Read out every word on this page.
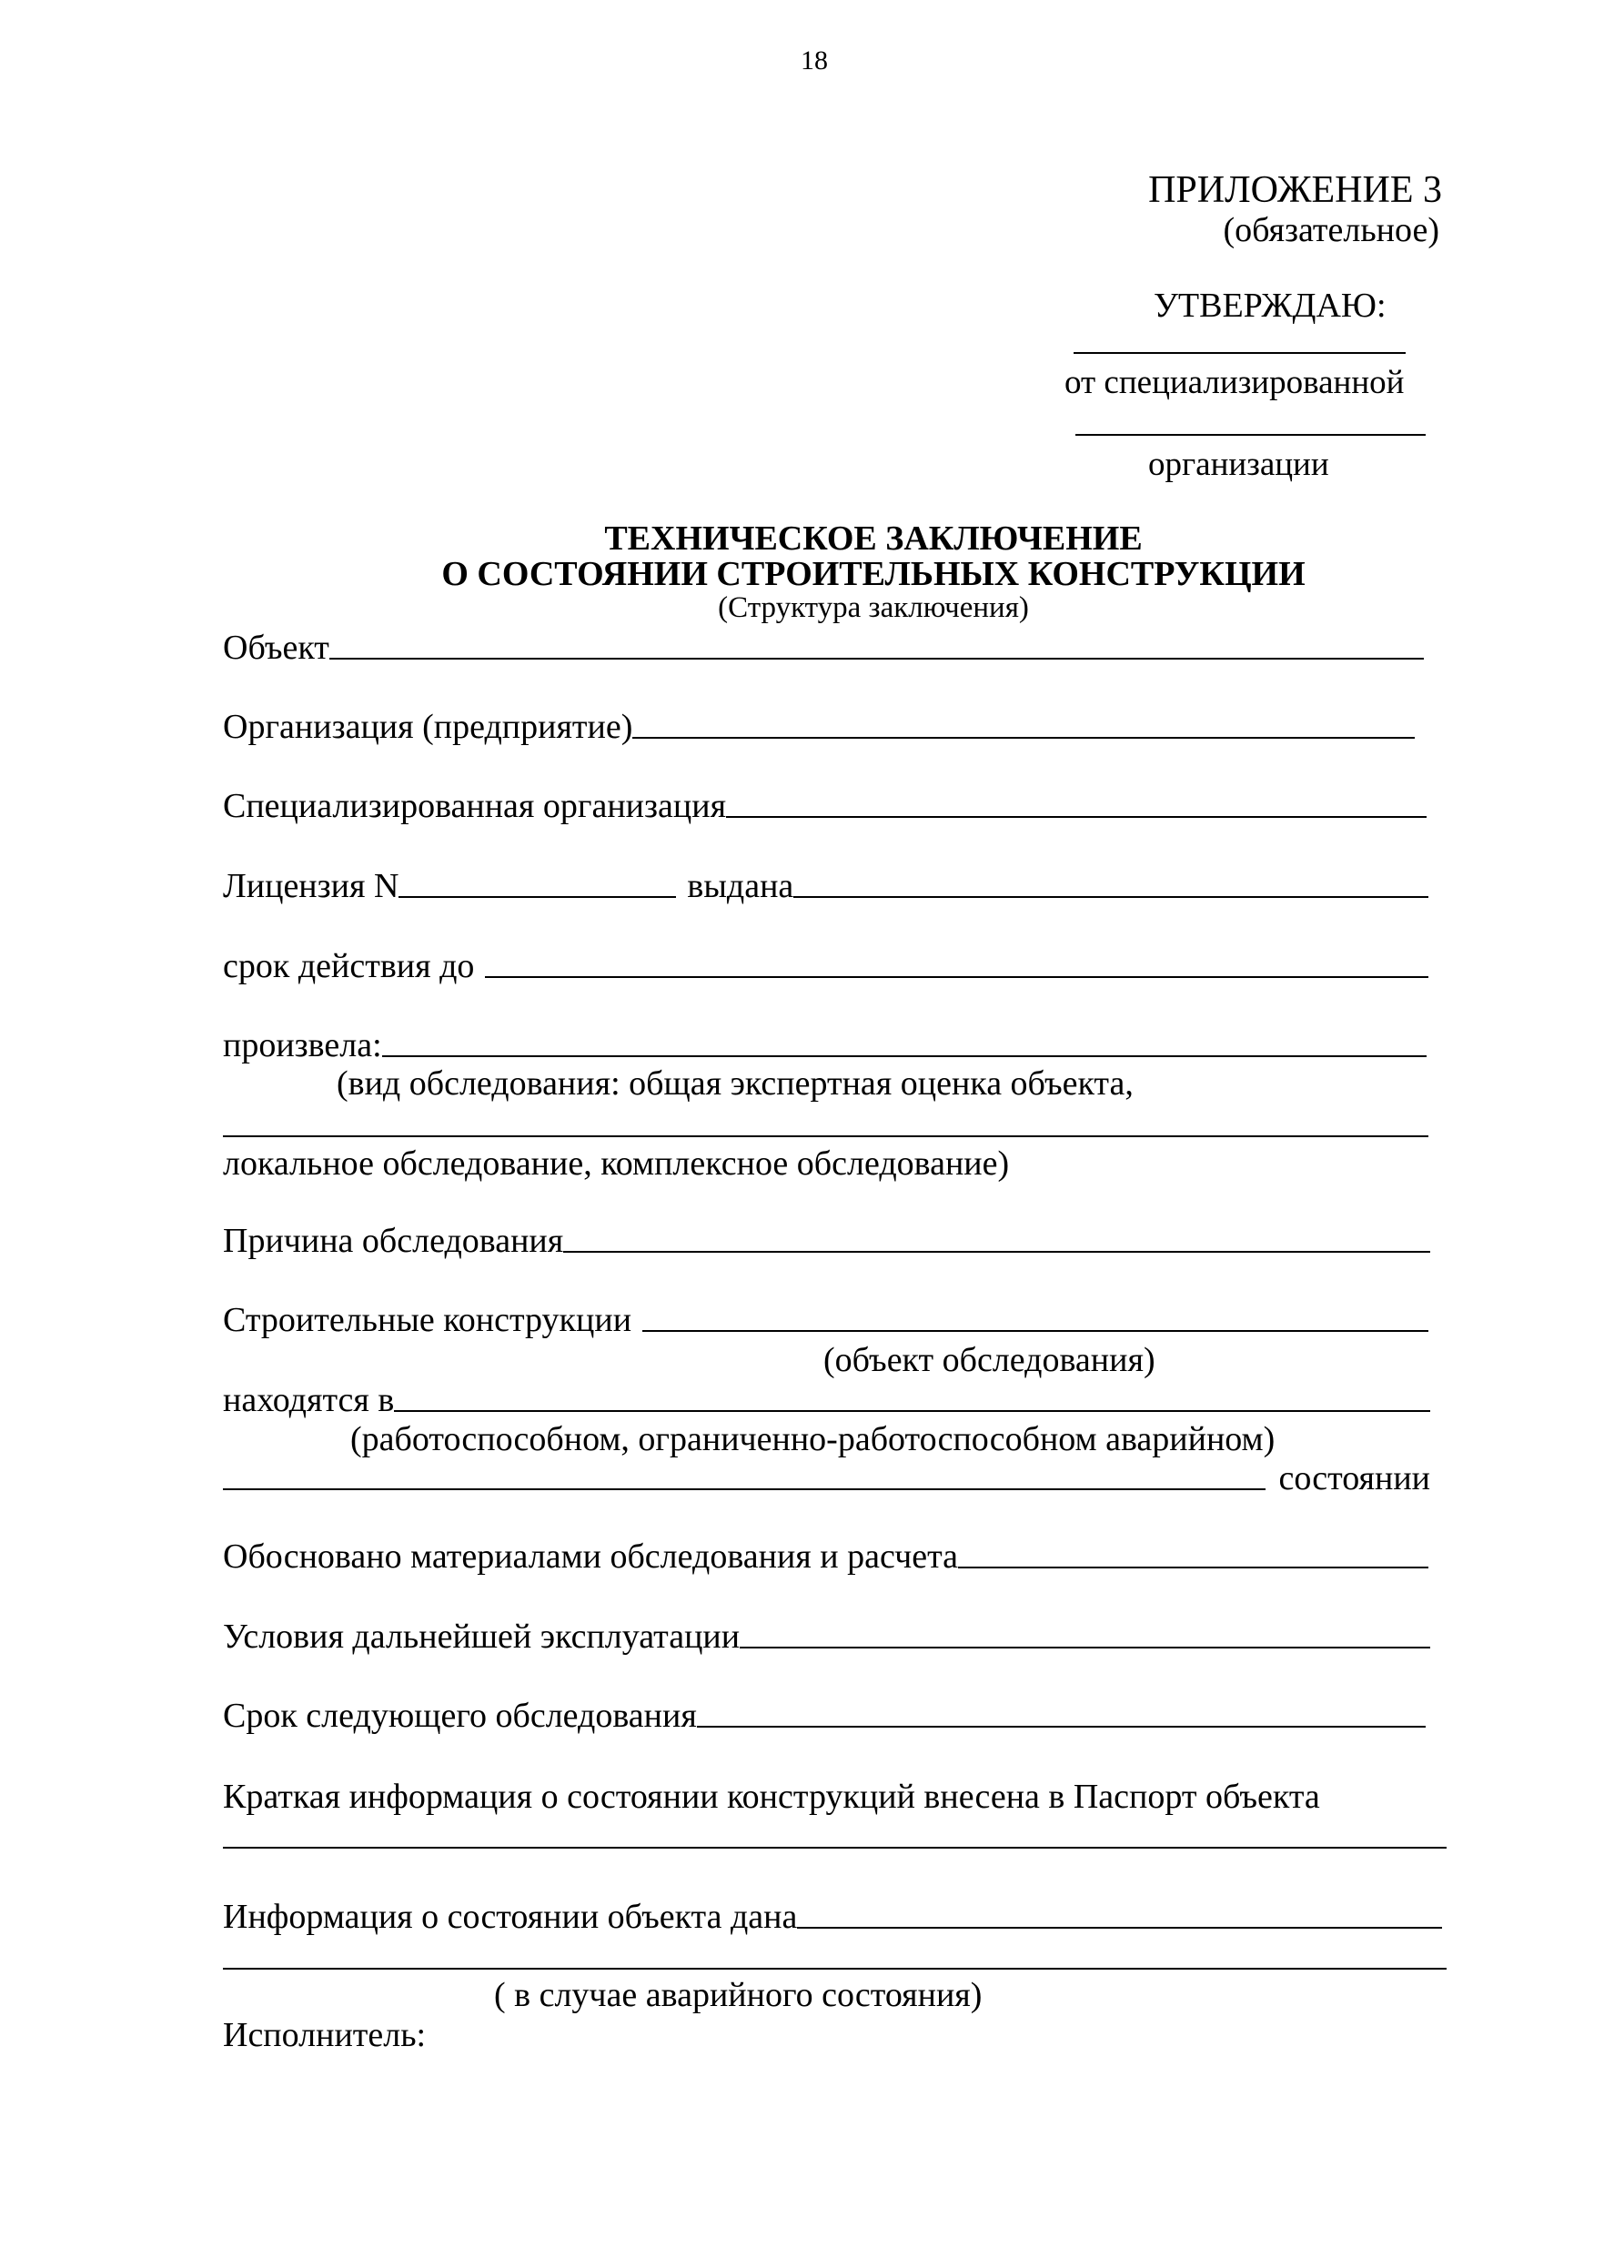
18
ПРИЛОЖЕНИЕ 3
(обязательное)
УТВЕРЖДАЮ:
от специализированной
организации
ТЕХНИЧЕСКОЕ ЗАКЛЮЧЕНИЕ
О СОСТОЯНИИ СТРОИТЕЛЬНЫХ КОНСТРУКЦИИ
(Структура заключения)
Объект
Организация (предприятие)
Специализированная организация
Лицензия N	выдана
срок действия до
произвела:
(вид обследования: общая экспертная оценка объекта,
локальное обследование, комплексное обследование)
Причина обследования
Строительные конструкции
(объект обследования)
находятся в
(работоспособном, ограниченно-работоспособном аварийном)
состоянии
Обосновано материалами обследования и расчета
Условия дальнейшей эксплуатации
Срок следующего обследования
Краткая информация о состоянии конструкций внесена в Паспорт объекта
Информация о состоянии объекта дана
( в случае аварийного состояния)
Исполнитель:
